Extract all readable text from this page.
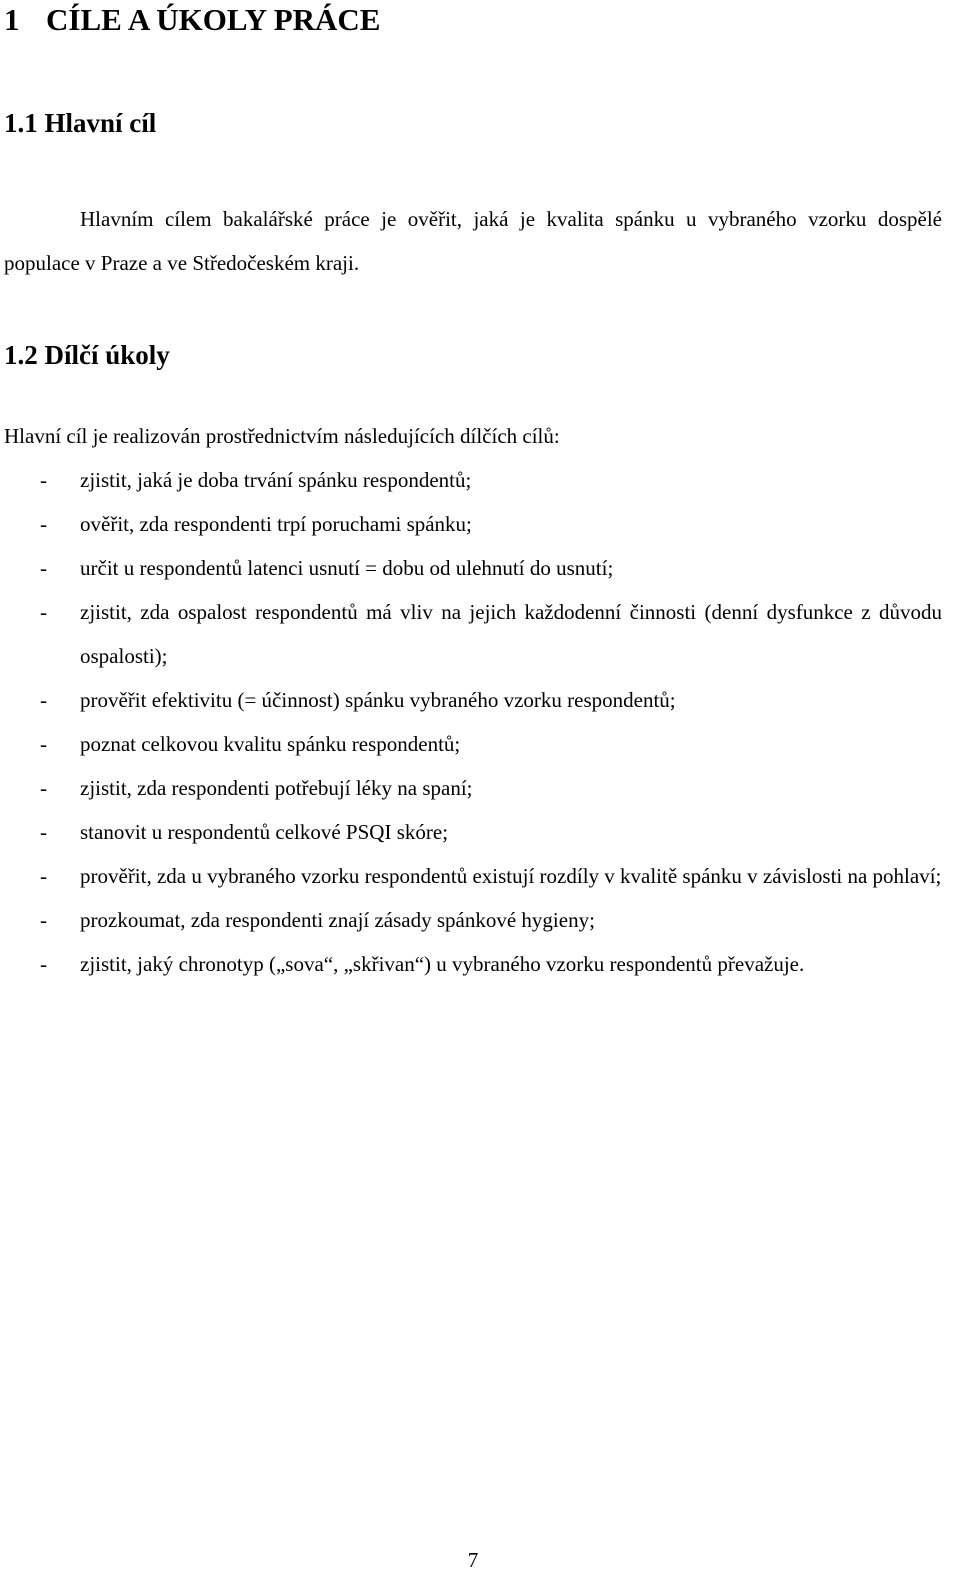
1 CÍLE A ÚKOLY PRÁCE
1.1 Hlavní cíl

Hlavním cílem bakalářské práce je ověřit, jaká je kvalita spánku u vybraného vzorku dospělé populace v Praze a ve Středočeském kraji.

1.2 Dílčí úkoly

Hlavní cíl je realizován prostřednictvím následujících dílčích cílů:

- zjistit, jaká je doba trvání spánku respondentů;
- ověřit, zda respondenti trpí poruchami spánku;
- určit u respondentů latenci usnutí = dobu od ulehnutí do usnutí;
- zjistit, zda ospalost respondentů má vliv na jejich každodenní činnosti (denní dysfunkce z důvodu ospalosti);
- prověřit efektivitu (= účinnost) spánku vybraného vzorku respondentů;
- poznat celkovou kvalitu spánku respondentů;
- zjistit, zda respondenti potřebují léky na spaní;
- stanovit u respondentů celkové PSQI skóre;
- prověřit, zda u vybraného vzorku respondentů existují rozdíly v kvalitě spánku v závislosti na pohlaví;
- prozkoumat, zda respondenti znají zásady spánkové hygieny;
- zjistit, jaký chronotyp („sova“, „skřivan“) u vybraného vzorku respondentů převažuje.
7
